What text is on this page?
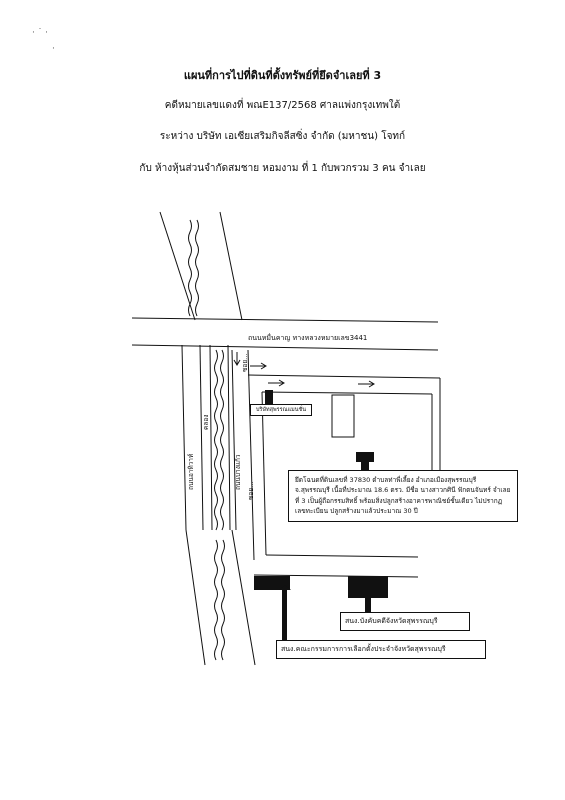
· ˙ ·
·
แผนที่การไปที่ดินที่ตั้งทรัพย์ที่ยึดจำเลยที่ 3
คดีหมายเลขแดงที่ พณE137/2568 ศาลแพ่งกรุงเทพใต้
ระหว่าง บริษัท เอเซียเสริมกิจลีสซิ่ง จำกัด (มหาชน) โจทก์
กับ ห้างหุ้นส่วนจำกัดสมชาย หอมงาม ที่ 1 กับพวกรวม 3 คน จำเลย
บริษัทสุพรรณแมนชั่น
ถนนหมื่นคาญ ทางหลวงหมายเลข3441
ถนนอาทิวาท์
คลอง
ถนนบางแก้ว
ซอย...
ซอย...
ยึดโฉนดที่ดินเลขที่ 37830 ตำบลท่าพี่เลี้ยง อำเภอเมืองสุพรรณบุรี จ.สุพรรณบุรี เนื้อที่ประมาณ 18.6 ตรว. มีชื่อ นางสาวกศินี ฟักตนจันทร์ จำเลยที่ 3 เป็นผู้ถือกรรมสิทธิ์ พร้อมสิ่งปลูกสร้างอาคารพาณิชย์ชั้นเดียว ไม่ปรากฏเลขทะเบียน ปลูกสร้างมาแล้วประมาณ 30 ปี
สนง.บังคับคดีจังหวัดสุพรรณบุรี
สนง.คณะกรรมการการเลือกตั้งประจำจังหวัดสุพรรณบุรี
